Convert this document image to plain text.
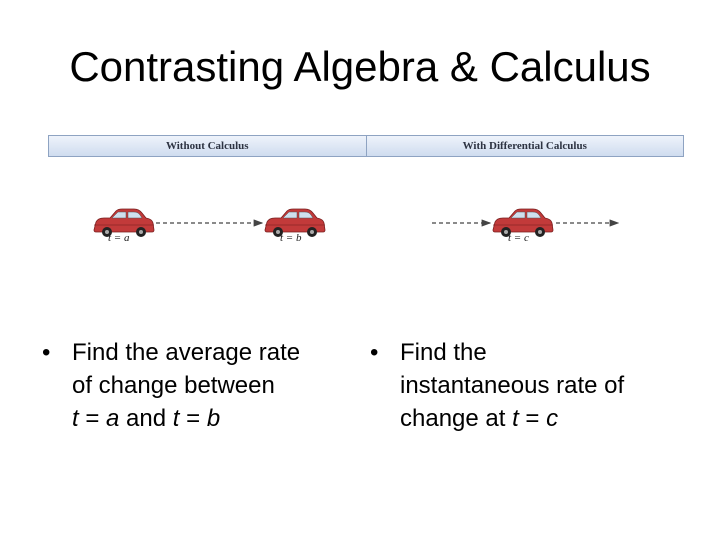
Contrasting Algebra & Calculus
Without Calculus	With Differential Calculus
t = a	t = b	t = c
• Find the average rate
of change between
t = a and t = b
• Find the
instantaneous rate of
change at t = c
